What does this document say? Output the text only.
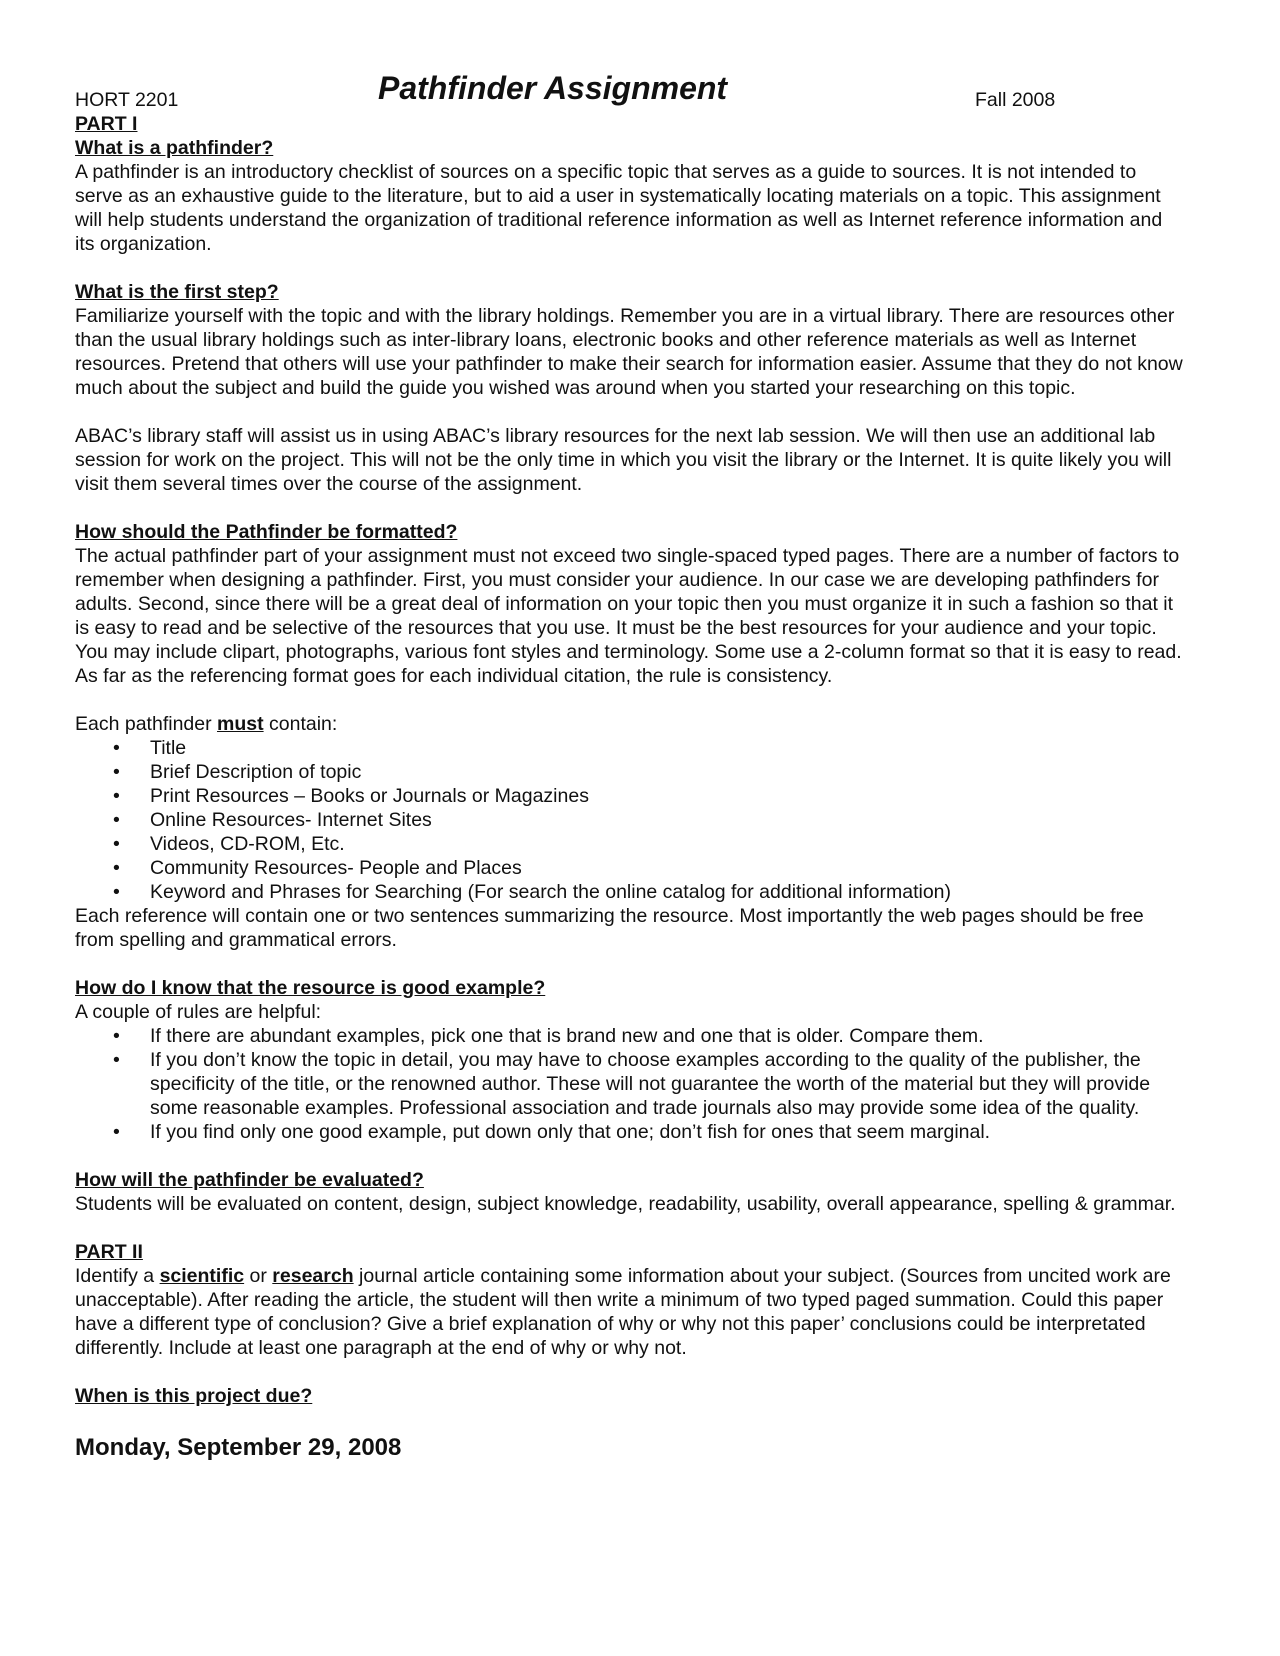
HORT 2201	Pathfinder Assignment	Fall 2008
PART I
What is a pathfinder?

A pathfinder is an introductory checklist of sources on a specific topic that serves as a guide to sources. It is not intended to serve as an exhaustive guide to the literature, but to aid a user in systematically locating materials on a topic. This assignment will help students understand the organization of traditional reference information as well as Internet reference information and its organization.

What is the first step?

Familiarize yourself with the topic and with the library holdings. Remember you are in a virtual library. There are resources other than the usual library holdings such as inter-library loans, electronic books and other reference materials as well as Internet resources. Pretend that others will use your pathfinder to make their search for information easier. Assume that they do not know much about the subject and build the guide you wished was around when you started your researching on this topic.

ABAC’s library staff will assist us in using ABAC’s library resources for the next lab session. We will then use an additional lab session for work on the project. This will not be the only time in which you visit the library or the Internet. It is quite likely you will visit them several times over the course of the assignment.

How should the Pathfinder be formatted?

The actual pathfinder part of your assignment must not exceed two single-spaced typed pages. There are a number of factors to remember when designing a pathfinder. First, you must consider your audience. In our case we are developing pathfinders for adults. Second, since there will be a great deal of information on your topic then you must organize it in such a fashion so that it is easy to read and be selective of the resources that you use. It must be the best resources for your audience and your topic. You may include clipart, photographs, various font styles and terminology. Some use a 2-column format so that it is easy to read. As far as the referencing format goes for each individual citation, the rule is consistency.

Each pathfinder must contain:

• Title
• Brief Description of topic
• Print Resources – Books or Journals or Magazines
• Online Resources- Internet Sites
• Videos, CD-ROM, Etc.
• Community Resources- People and Places
• Keyword and Phrases for Searching (For search the online catalog for additional information)

Each reference will contain one or two sentences summarizing the resource. Most importantly the web pages should be free from spelling and grammatical errors.

How do I know that the resource is good example?

A couple of rules are helpful:

• If there are abundant examples, pick one that is brand new and one that is older. Compare them.
• If you don’t know the topic in detail, you may have to choose examples according to the quality of the publisher, the specificity of the title, or the renowned author. These will not guarantee the worth of the material but they will provide some reasonable examples. Professional association and trade journals also may provide some idea of the quality.
• If you find only one good example, put down only that one; don’t fish for ones that seem marginal.
How will the pathfinder be evaluated?

Students will be evaluated on content, design, subject knowledge, readability, usability, overall appearance, spelling & grammar.

PART II

Identify a scientific or research journal article containing some information about your subject. (Sources from uncited work are unacceptable). After reading the article, the student will then write a minimum of two typed paged summation. Could this paper have a different type of conclusion? Give a brief explanation of why or why not this paper’ conclusions could be interpretated differently. Include at least one paragraph at the end of why or why not.

When is this project due?
Monday, September 29, 2008
